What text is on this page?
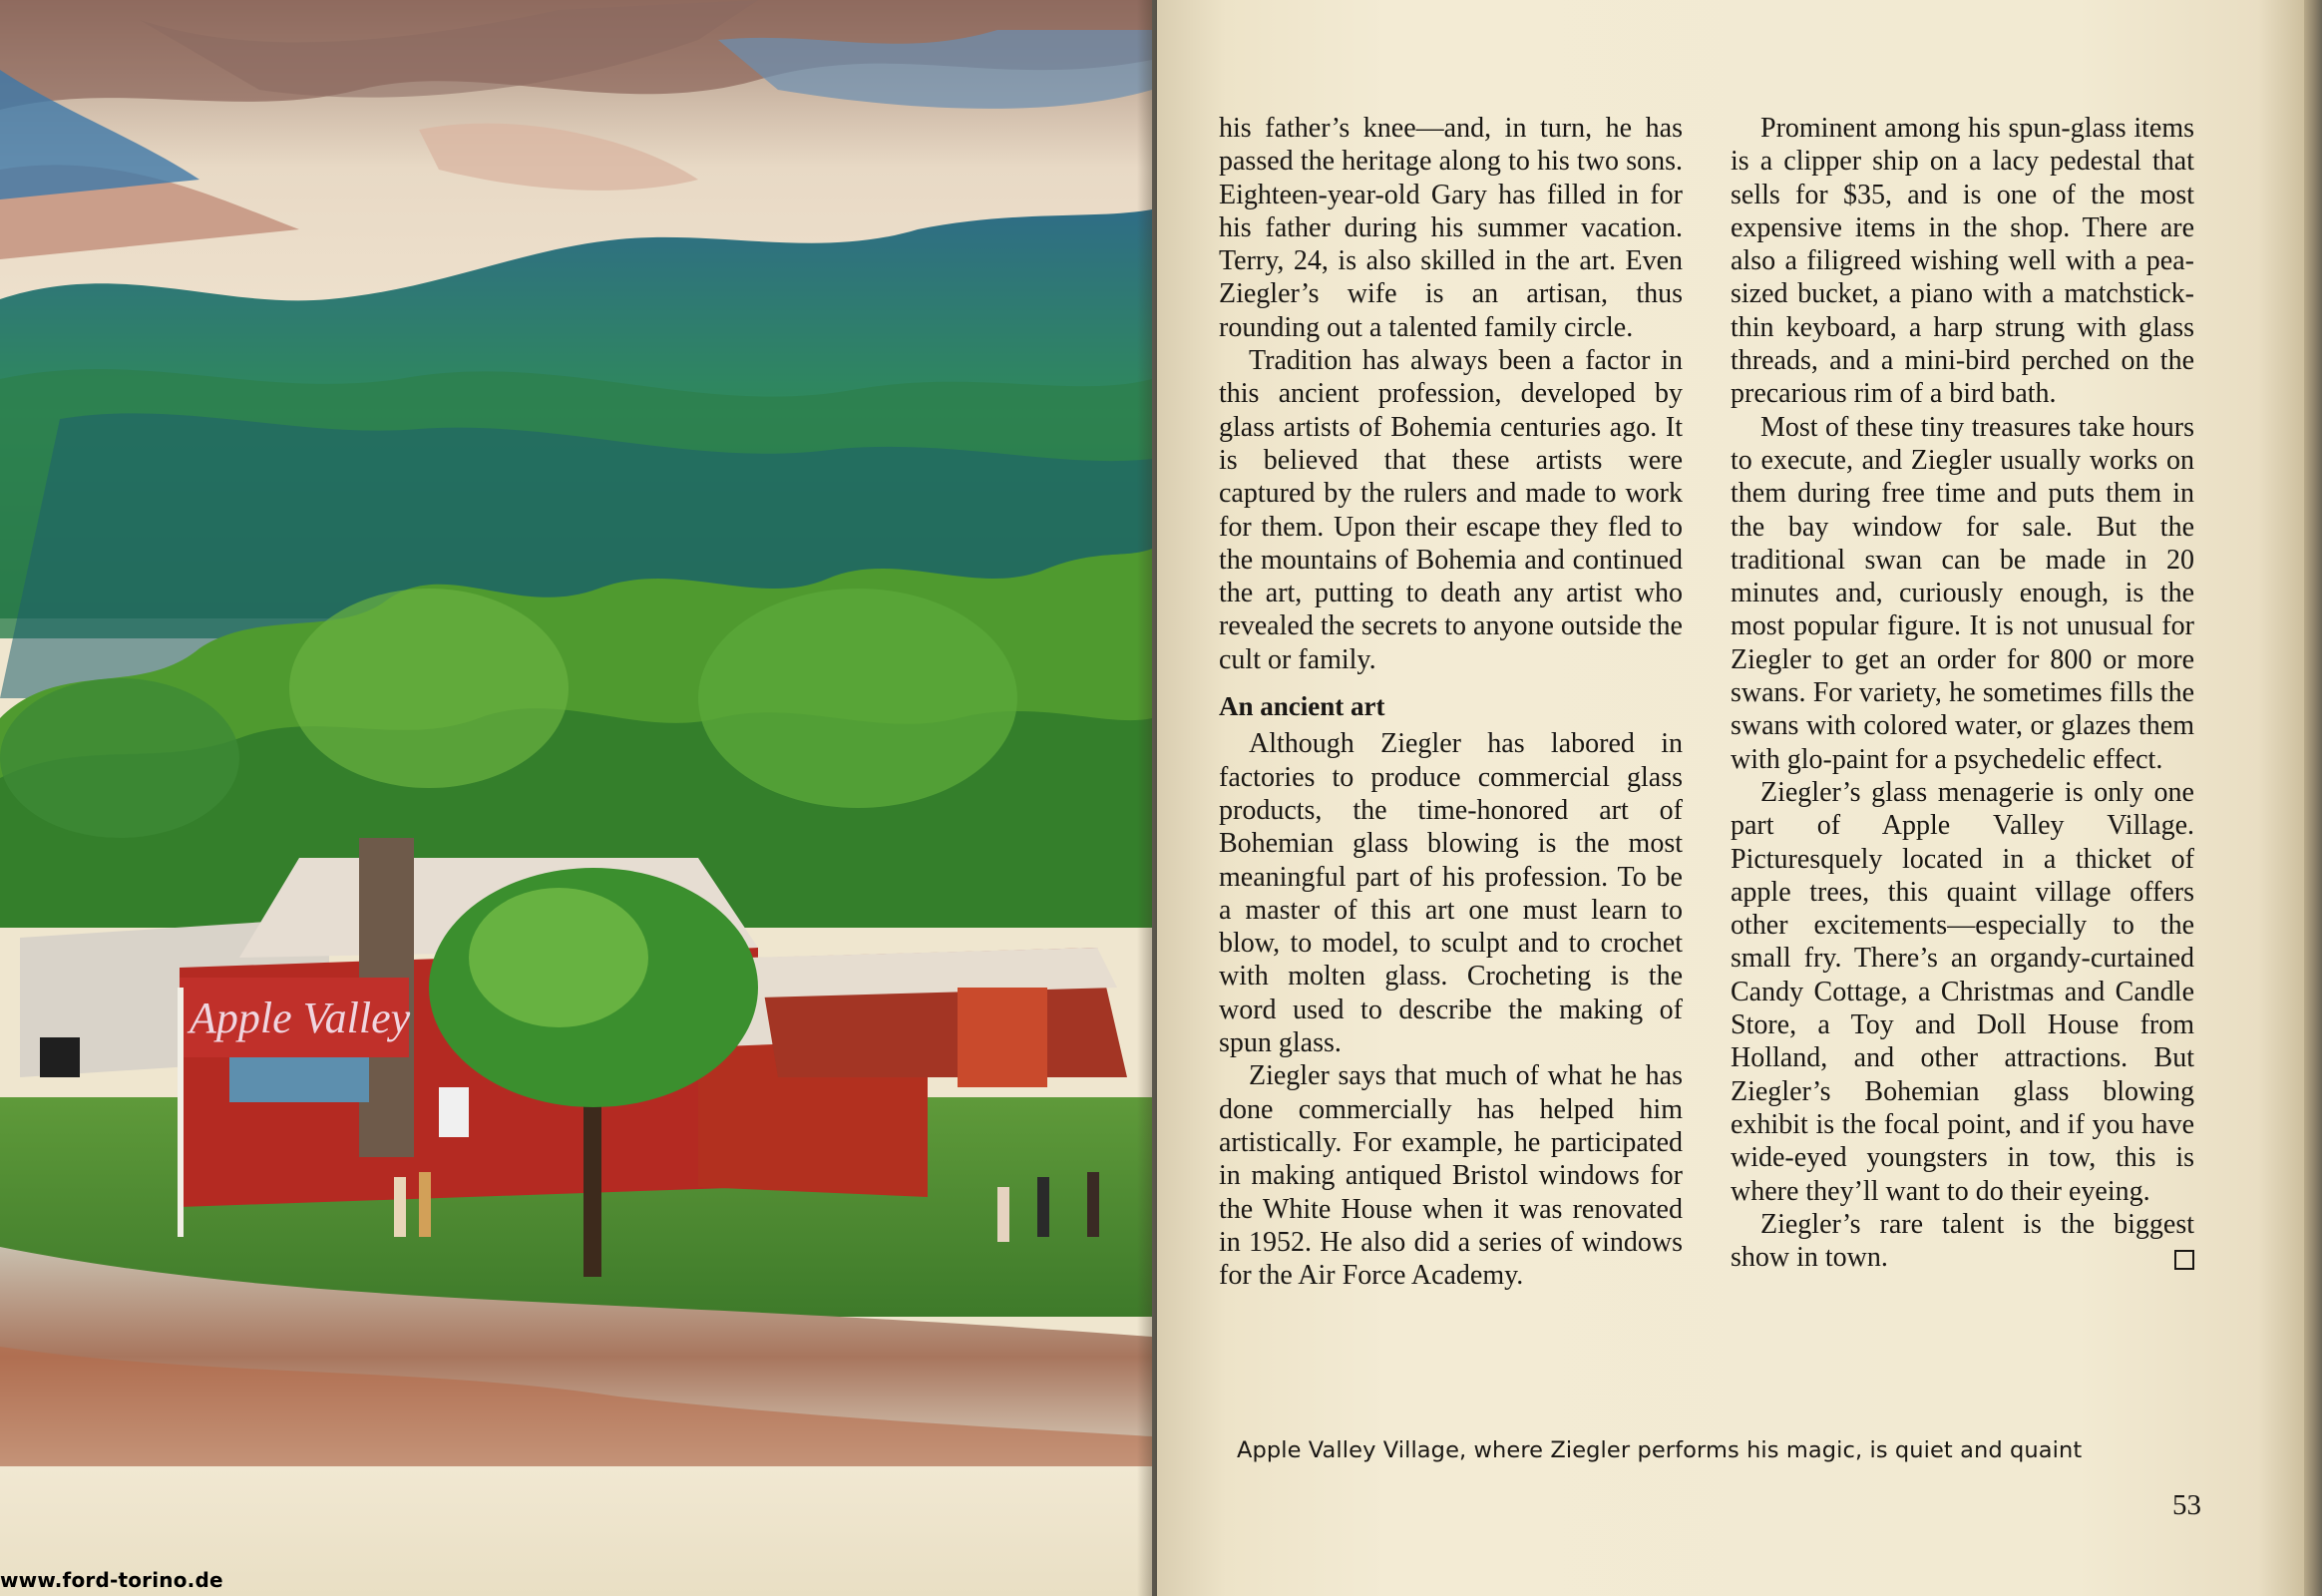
Apple Valley
www.ford-torino.de

his father’s knee—and, in turn, he has passed the heritage along to his two sons. Eighteen-year-old Gary has filled in for his father during his summer vacation. Terry, 24, is also skilled in the art. Even Ziegler’s wife is an artisan, thus rounding out a talented family circle.

Tradition has always been a factor in this ancient profession, developed by glass artists of Bohemia centuries ago. It is believed that these artists were captured by the rulers and made to work for them. Upon their escape they fled to the mountains of Bohemia and continued the art, putting to death any artist who revealed the secrets to anyone outside the cult or family.

An ancient art

Although Ziegler has labored in factories to produce commercial glass products, the time-honored art of Bohemian glass blowing is the most meaningful part of his profession. To be a master of this art one must learn to blow, to model, to sculpt and to crochet with molten glass. Crocheting is the word used to describe the making of spun glass.

Ziegler says that much of what he has done commercially has helped him artistically. For example, he participated in making antiqued Bristol windows for the White House when it was renovated in 1952. He also did a series of windows for the Air Force Academy.

Prominent among his spun-glass items is a clipper ship on a lacy pedestal that sells for $35, and is one of the most expensive items in the shop. There are also a filigreed wishing well with a pea-sized bucket, a piano with a matchstick-thin keyboard, a harp strung with glass threads, and a mini-bird perched on the precarious rim of a bird bath.

Most of these tiny treasures take hours to execute, and Ziegler usually works on them during free time and puts them in the bay window for sale. But the traditional swan can be made in 20 minutes and, curiously enough, is the most popular figure. It is not unusual for Ziegler to get an order for 800 or more swans. For variety, he sometimes fills the swans with colored water, or glazes them with glo-paint for a psychedelic effect.

Ziegler’s glass menagerie is only one part of Apple Valley Village. Picturesquely located in a thicket of apple trees, this quaint village offers other excitements—especially to the small fry. There’s an organdy-curtained Candy Cottage, a Christmas and Candle Store, a Toy and Doll House from Holland, and other attractions. But Ziegler’s Bohemian glass blowing exhibit is the focal point, and if you have wide-eyed youngsters in tow, this is where they’ll want to do their eyeing.

Ziegler’s rare talent is the biggest show in town.

Apple Valley Village, where Ziegler performs his magic, is quiet and quaint
53
